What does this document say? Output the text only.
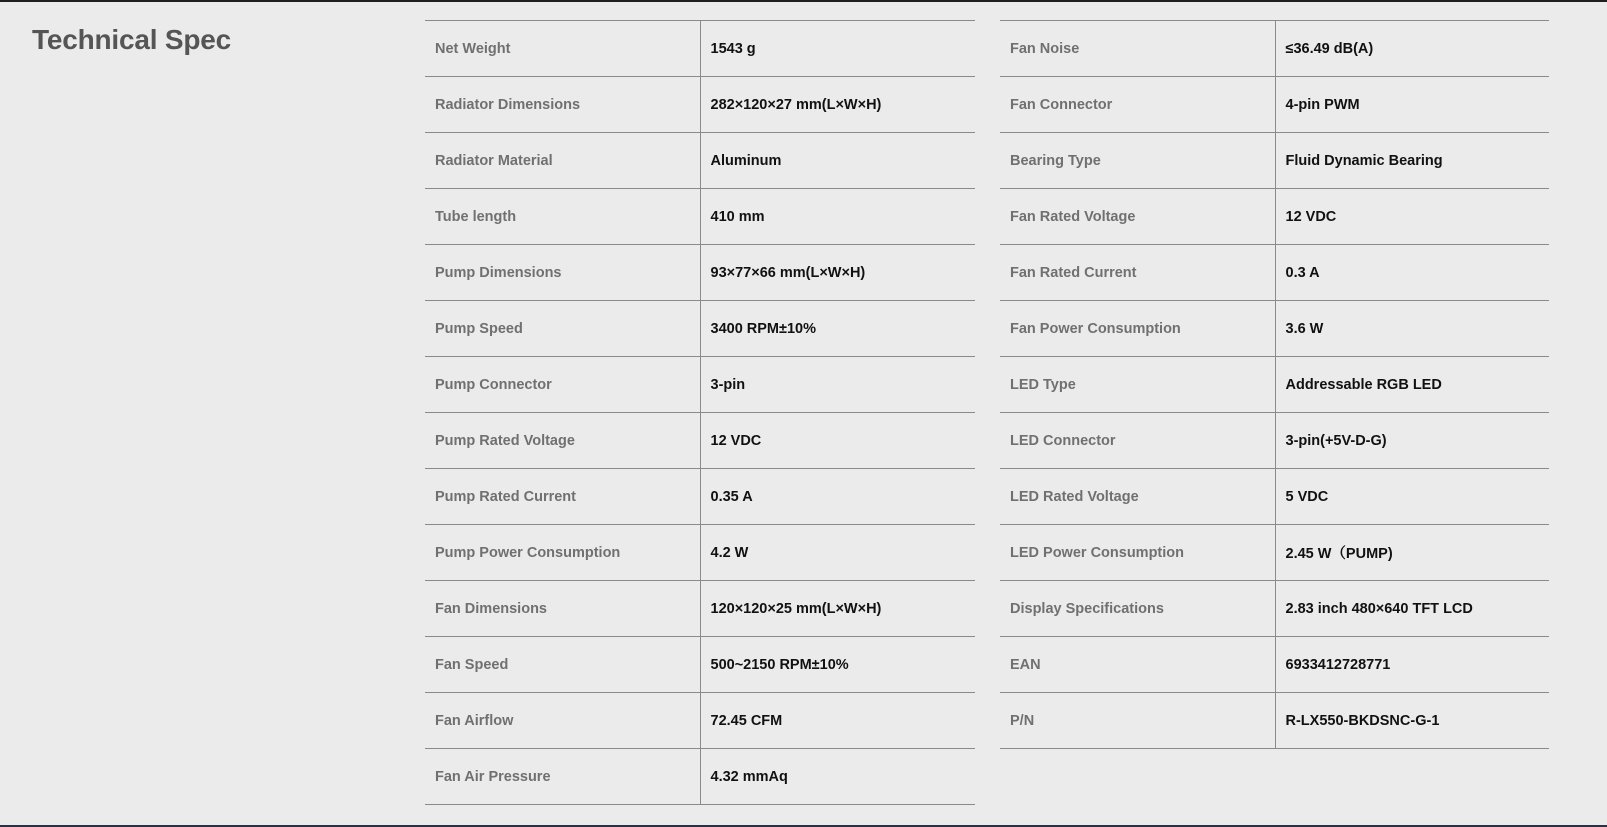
Technical Spec	Net Weight	1543 g
Radiator Dimensions	282×120×27 mm(L×W×H)
Radiator Material	Aluminum
Tube length	410 mm
Pump Dimensions	93×77×66 mm(L×W×H)
Pump Speed	3400 RPM±10%
Pump Connector	3-pin
Pump Rated Voltage	12 VDC
Pump Rated Current	0.35 A
Pump Power Consumption	4.2 W
Fan Dimensions	120×120×25 mm(L×W×H)
Fan Speed	500~2150 RPM±10%
Fan Airflow	72.45 CFM
Fan Air Pressure	4.32 mmAq
Fan Noise	≤36.49 dB(A)
Fan Connector	4-pin PWM
Bearing Type	Fluid Dynamic Bearing
Fan Rated Voltage	12 VDC
Fan Rated Current	0.3 A
Fan Power Consumption	3.6 W
LED Type	Addressable RGB LED
LED Connector	3-pin(+5V-D-G)
LED Rated Voltage	5 VDC
LED Power Consumption	2.45 W（PUMP)
Display Specifications	2.83 inch 480×640 TFT LCD
EAN	6933412728771
P/N	R-LX550-BKDSNC-G-1
